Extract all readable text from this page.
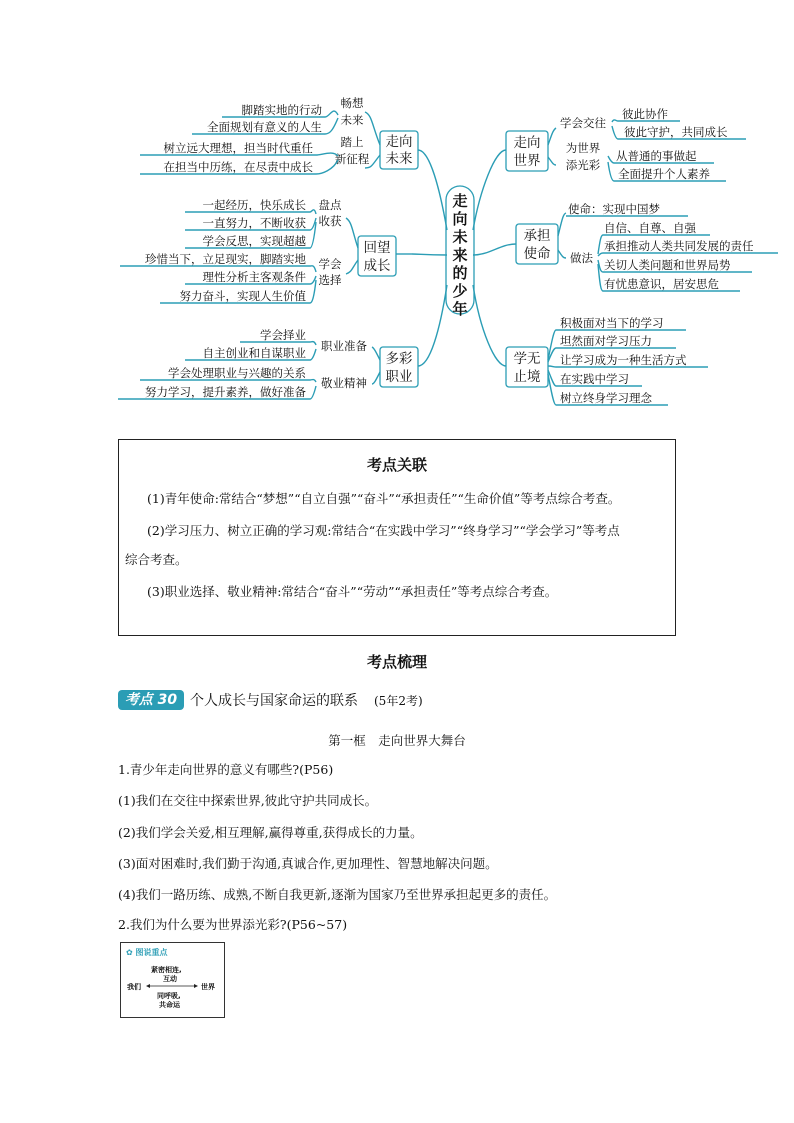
走
向
未
来
的
少
年
走向
未来
畅想
未来
踏上
新征程
脚踏实地的行动
全面规划有意义的人生
树立远大理想，担当时代重任
在担当中历练，在尽责中成长
回望
成长
盘点
收获
学会
选择
一起经历，快乐成长
一直努力，不断收获
学会反思，实现超越
珍惜当下，立足现实，脚踏实地
理性分析主客观条件
努力奋斗，实现人生价值
多彩
职业
职业准备
敬业精神
学会择业
自主创业和自谋职业
学会处理职业与兴趣的关系
努力学习，提升素养，做好准备
走向
世界
学会交往
为世界
添光彩
彼此协作
彼此守护，共同成长
从普通的事做起
全面提升个人素养
承担
使命
使命：实现中国梦
做法
自信、自尊、自强
承担推动人类共同发展的责任
关切人类问题和世界局势
有忧患意识，居安思危
学无
止境
积极面对当下的学习
坦然面对学习压力
让学习成为一种生活方式
在实践中学习
树立终身学习理念
考点关联

(1)青年使命:常结合“梦想”“自立自强”“奋斗”“承担责任”“生命价值”等考点综合考查。

(2)学习压力、树立正确的学习观:常结合“在实践中学习”“终身学习”“学会学习”等考点

综合考查。

(3)职业选择、敬业精神:常结合“奋斗”“劳动”“承担责任”等考点综合考查。

考点梳理
考点 30 个人成长与国家命运的联系 (5年2考)
第一框　走向世界大舞台
1.青少年走向世界的意义有哪些?(P56)
(1)我们在交往中探索世界,彼此守护共同成长。
(2)我们学会关爱,相互理解,赢得尊重,获得成长的力量。
(3)面对困难时,我们勤于沟通,真诚合作,更加理性、智慧地解决问题。
(4)我们一路历练、成熟,不断自我更新,逐渐为国家乃至世界承担起更多的责任。
2.我们为什么要为世界添光彩?(P56~57)
✿ 图说重点
紧密相连,
互动
我们	世界
同呼吸,
共命运
